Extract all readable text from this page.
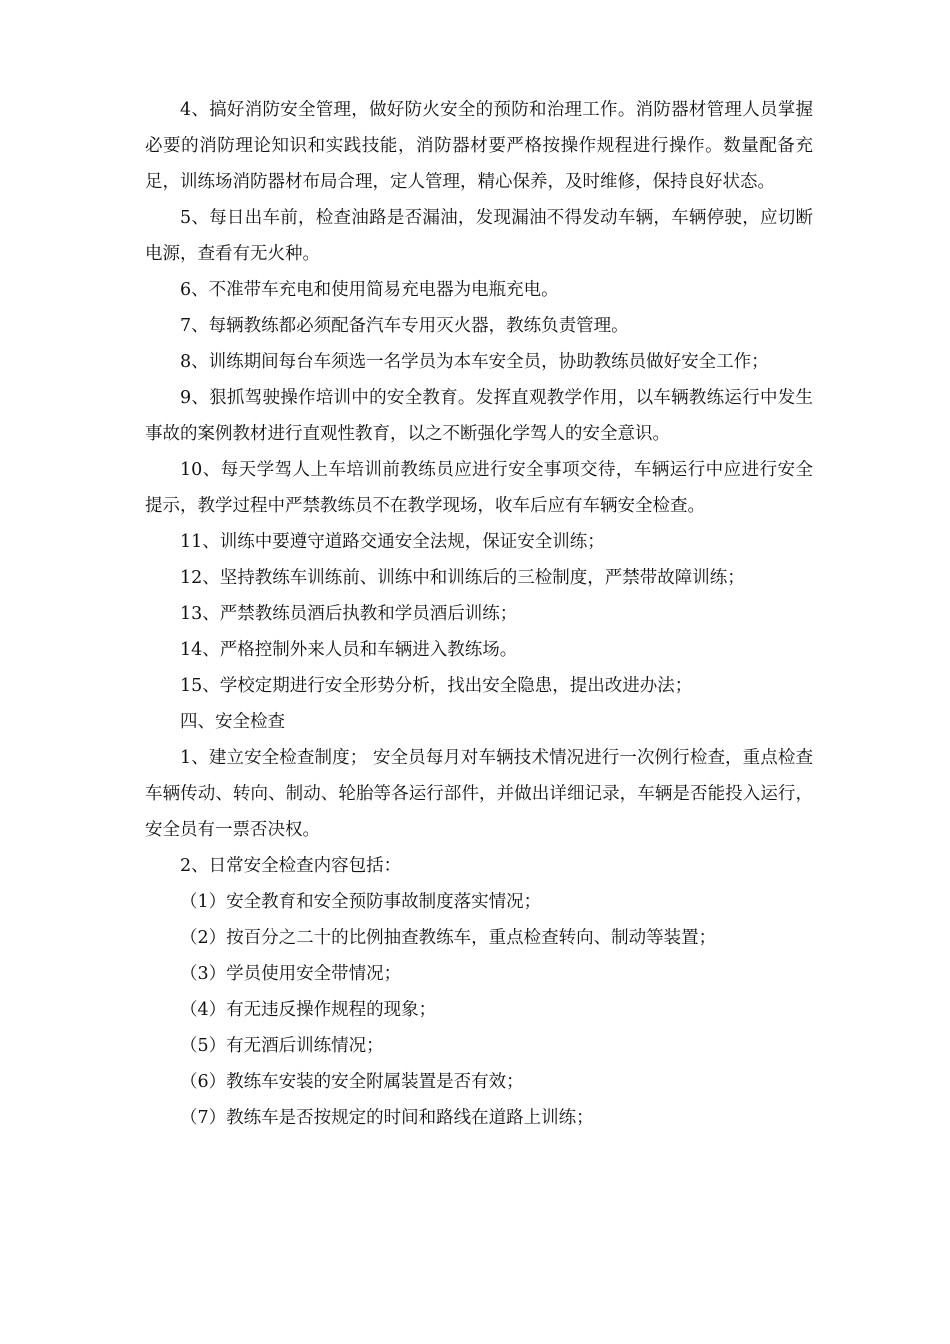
4、搞好消防安全管理，做好防火安全的预防和治理工作。消防器材管理人员掌握必要的消防理论知识和实践技能，消防器材要严格按操作规程进行操作。数量配备充足，训练场消防器材布局合理，定人管理，精心保养，及时维修，保持良好状态。

5、每日出车前，检查油路是否漏油，发现漏油不得发动车辆，车辆停驶，应切断电源，查看有无火种。

6、不准带车充电和使用简易充电器为电瓶充电。

7、每辆教练都必须配备汽车专用灭火器，教练负责管理。

8、训练期间每台车须选一名学员为本车安全员，协助教练员做好安全工作；

9、狠抓驾驶操作培训中的安全教育。发挥直观教学作用，以车辆教练运行中发生事故的案例教材进行直观性教育，以之不断强化学驾人的安全意识。

10、每天学驾人上车培训前教练员应进行安全事项交待，车辆运行中应进行安全提示，教学过程中严禁教练员不在教学现场，收车后应有车辆安全检查。

11、训练中要遵守道路交通安全法规，保证安全训练；

12、坚持教练车训练前、训练中和训练后的三检制度，严禁带故障训练；

13、严禁教练员酒后执教和学员酒后训练；

14、严格控制外来人员和车辆进入教练场。

15、学校定期进行安全形势分析，找出安全隐患，提出改进办法；

四、安全检查

1、建立安全检查制度； 安全员每月对车辆技术情况进行一次例行检查，重点检查车辆传动、转向、制动、轮胎等各运行部件，并做出详细记录，车辆是否能投入运行，安全员有一票否决权。

2、日常安全检查内容包括：

（1）安全教育和安全预防事故制度落实情况；

（2）按百分之二十的比例抽查教练车，重点检查转向、制动等装置；

（3）学员使用安全带情况；

（4）有无违反操作规程的现象；

（5）有无酒后训练情况；

（6）教练车安装的安全附属装置是否有效；

（7）教练车是否按规定的时间和路线在道路上训练；
